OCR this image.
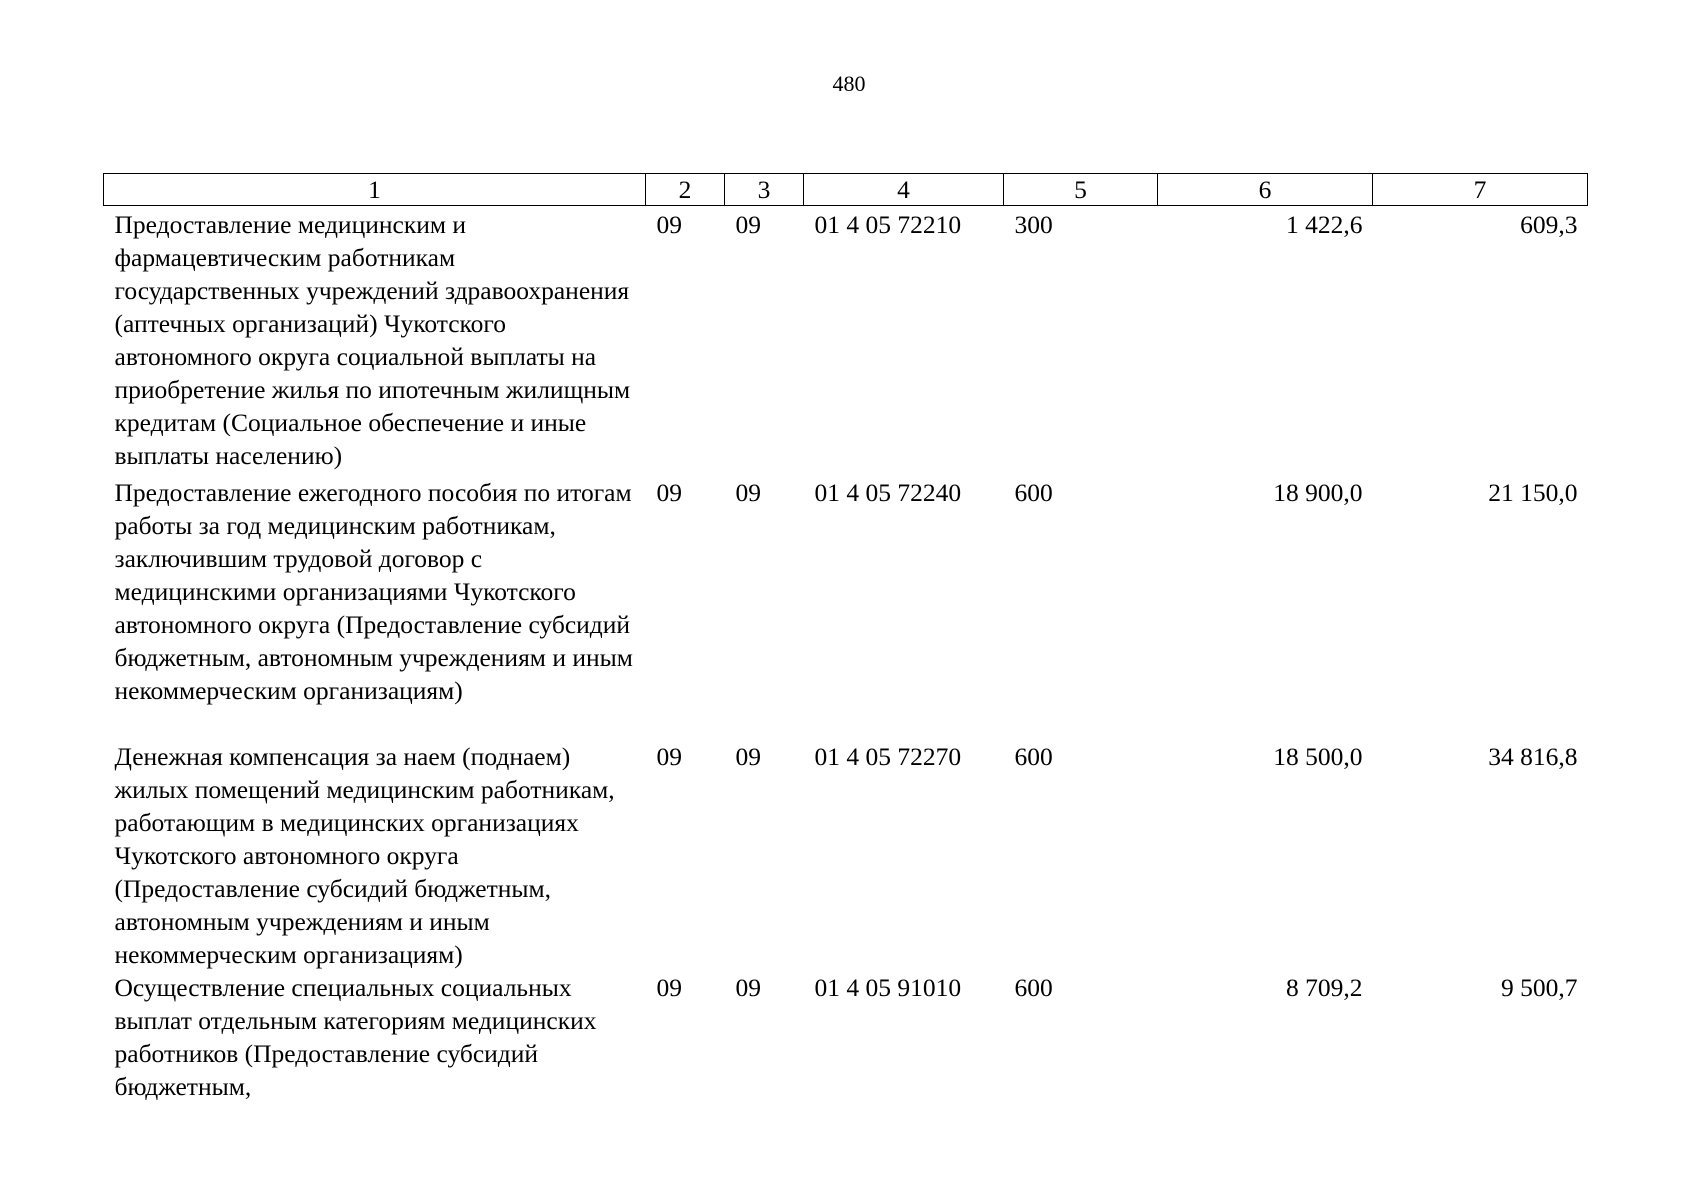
480
1	2	3	4	5	6	7
Предоставление медицинским и фармацевтическим работникам государственных учреждений здравоохранения (аптечных организаций) Чукотского автономного округа социальной выплаты на приобретение жилья по ипотечным жилищным кредитам (Социальное обеспечение и иные выплаты населению)	09	09	01 4 05 72210	300	1 422,6	609,3
Предоставление ежегодного пособия по итогам работы за год медицинским работникам, заключившим трудовой договор с медицинскими организациями Чукотского автономного округа (Предоставление субсидий бюджетным, автономным учреждениям и иным некоммерческим организациям)	09	09	01 4 05 72240	600	18 900,0	21 150,0
Денежная компенсация за наем (поднаем) жилых помещений медицинским работникам, работающим в медицинских организациях Чукотского автономного округа (Предоставление субсидий бюджетным, автономным учреждениям и иным некоммерческим организациям)	09	09	01 4 05 72270	600	18 500,0	34 816,8
Осуществление специальных социальных выплат отдельным категориям медицинских работников (Предоставление субсидий бюджетным,	09	09	01 4 05 91010	600	8 709,2	9 500,7
